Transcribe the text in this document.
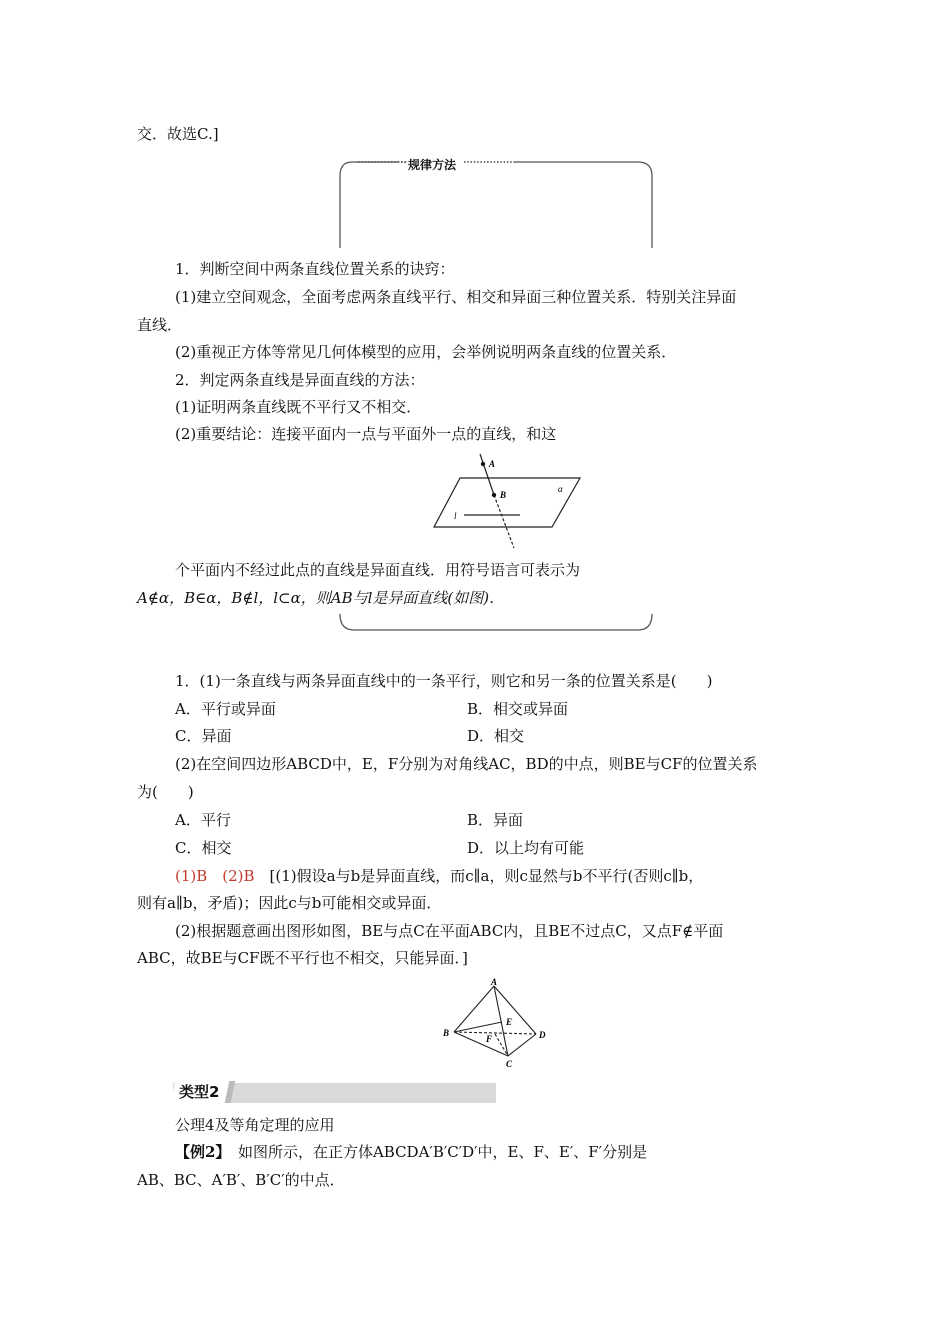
交．故选C.]
规律方法
1．判断空间中两条直线位置关系的诀窍：
(1)建立空间观念，全面考虑两条直线平行、相交和异面三种位置关系．特别关注异面
直线．
(2)重视正方体等常见几何体模型的应用，会举例说明两条直线的位置关系．
2．判定两条直线是异面直线的方法：
(1)证明两条直线既不平行又不相交．
(2)重要结论：连接平面内一点与平面外一点的直线，和这
A
B
α
l
个平面内不经过此点的直线是异面直线．用符号语言可表示为
A∉α，B∈α，B∉l，l⊂α，则AB与l是异面直线(如图)．
1．(1)一条直线与两条异面直线中的一条平行，则它和另一条的位置关系是(　　)
A．平行或异面	B．相交或异面
C．异面	D．相交
(2)在空间四边形ABCD中，E，F分别为对角线AC，BD的中点，则BE与CF的位置关系
为(　　)
A．平行	B．异面
C．相交	D．以上均有可能
(1)B　(2)B　[(1)假设a与b是异面直线，而c∥a，则c显然与b不平行(否则c∥b，
则有a∥b，矛盾)；因此c与b可能相交或异面．
(2)根据题意画出图形如图，BE与点C在平面ABC内，且BE不过点C，又点F∉平面
ABC，故BE与CF既不平行也不相交，只能异面．]
A
B
C
D
E
F
类型2
公理4及等角定理的应用
【例2】　如图所示，在正方体ABCDA′B′C′D′中，E、F、E′、F′分别是
AB、BC、A′B′、B′C′的中点．
